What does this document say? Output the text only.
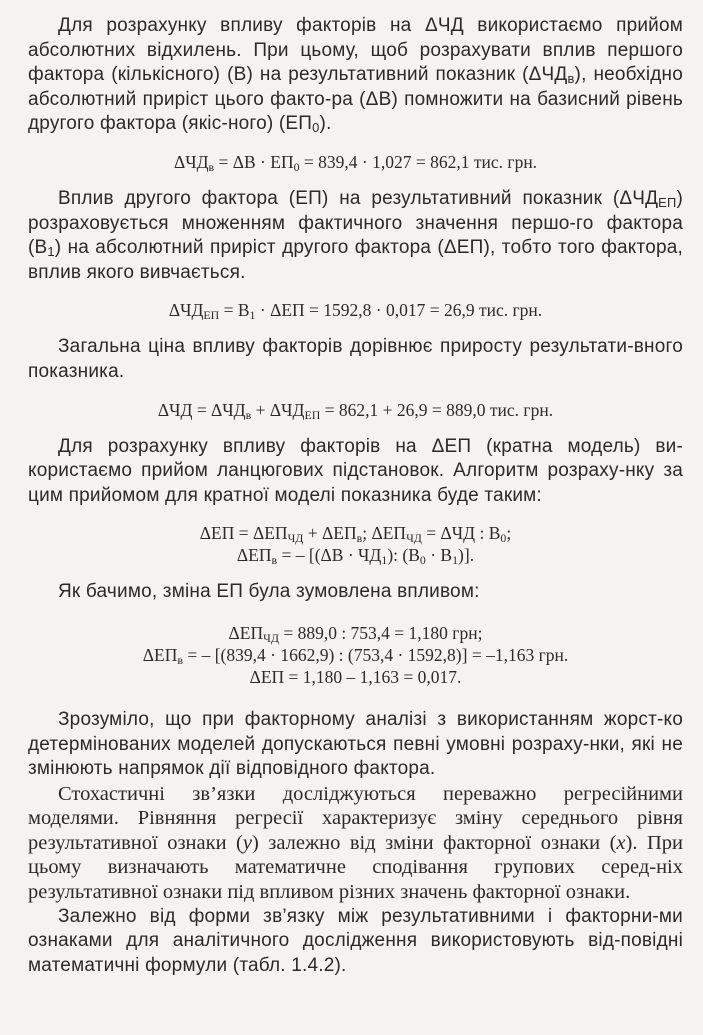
Для розрахунку впливу факторів на ΔЧД використаємо прийом абсолютних відхилень. При цьому, щоб розрахувати вплив першого фактора (кількісного) (В) на результативний показник $(\Delta ЧД_в)$, необхідно абсолютний приріст цього факто-ра (ΔB) помножити на базисний рівень другого фактора (якіс-ного) $(ЕП_0)$.

$\Delta ЧД_в = \Delta B \cdot ЕП_0 = 839,4 \cdot 1,027 = 862,1$ тис. грн.

Вплив другого фактора (ЕП) на результативний показник $(\Delta ЧД_{ЕП})$ розраховується множенням фактичного значення першо-го фактора $(В_1)$ на абсолютний приріст другого фактора (ΔЕП), тобто того фактора, вплив якого вивчається.

$\Delta ЧД_{ЕП} = В_1 \cdot \Delta ЕП = 1592,8 \cdot 0,017 = 26,9$ тис. грн.

Загальна ціна впливу факторів дорівнює приросту результати-вного показника.

$\Delta ЧД = \Delta ЧД_в + \Delta ЧД_{ЕП} = 862,1 + 26,9 = 889,0$ тис. грн.

Для розрахунку впливу факторів на ΔЕП (кратна модель) ви-користаємо прийом ланцюгових підстановок. Алгоритм розраху-нку за цим прийомом для кратної моделі показника буде таким:

$\Delta ЕП = \Delta ЕП_{ЧД} + \Delta ЕП_в$; $\Delta ЕП_{ЧД} = \Delta ЧД$ : $В_0$;

$\Delta ЕП_в$ = – [$(\Delta B \cdot ЧД_1)$: $(В_0 \cdot В_1)$].

Як бачимо, зміна ЕП була зумовлена впливом:

$\Delta ЕП_{ЧД} = 889,0$ : 753,4 = 1,180 грн;

$\Delta ЕП_в$ = – [(839,4 · 1662,9) : (753,4 · 1592,8)] = –1,163 грн.

ΔЕП = 1,180 – 1,163 = 0,017.

Зрозуміло, що при факторному аналізі з використанням жорст-ко детермінованих моделей допускаються певні умовні розраху-нки, які не змінюють напрямок дії відповідного фактора.

Стохастичні зв’язки досліджуються переважно регресійними моделями. Рівняння регресії характеризує зміну середнього рівня результативної ознаки (y) залежно від зміни факторної ознаки (x). При цьому визначають математичне сподівання групових серед-ніх результативної ознаки під впливом різних значень факторної ознаки.

Залежно від форми зв’язку між результативними і факторни-ми ознаками для аналітичного дослідження використовують від-повідні математичні формули (табл. 1.4.2).
